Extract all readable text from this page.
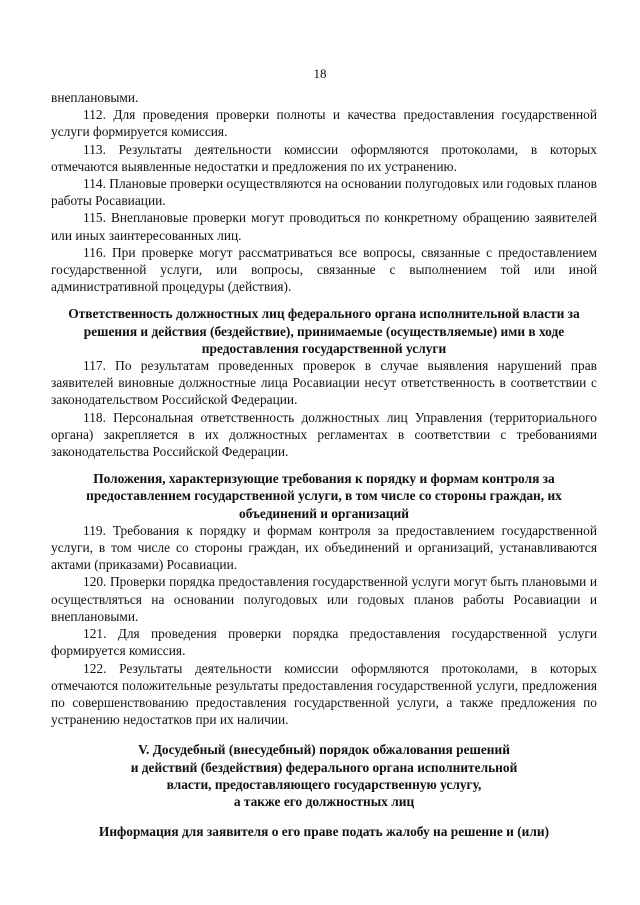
18

внеплановыми.

112. Для проведения проверки полноты и качества предоставления государственной услуги формируется комиссия.

113. Результаты деятельности комиссии оформляются протоколами, в которых отмечаются выявленные недостатки и предложения по их устранению.

114. Плановые проверки осуществляются на основании полугодовых или годовых планов работы Росавиации.

115. Внеплановые проверки могут проводиться по конкретному обращению заявителей или иных заинтересованных лиц.

116. При проверке могут рассматриваться все вопросы, связанные с предоставлением государственной услуги, или вопросы, связанные с выполнением той или иной административной процедуры (действия).

Ответственность должностных лиц федерального органа исполнительной власти за решения и действия (бездействие), принимаемые (осуществляемые) ими в ходе предоставления государственной услуги

117. По результатам проведенных проверок в случае выявления нарушений прав заявителей виновные должностные лица Росавиации несут ответственность в соответствии с законодательством Российской Федерации.

118. Персональная ответственность должностных лиц Управления (территориального органа) закрепляется в их должностных регламентах в соответствии с требованиями законодательства Российской Федерации.

Положения, характеризующие требования к порядку и формам контроля за предоставлением государственной услуги, в том числе со стороны граждан, их объединений и организаций

119. Требования к порядку и формам контроля за предоставлением государственной услуги, в том числе со стороны граждан, их объединений и организаций, устанавливаются актами (приказами) Росавиации.

120. Проверки порядка предоставления государственной услуги могут быть плановыми и осуществляться на основании полугодовых или годовых планов работы Росавиации и внеплановыми.

121. Для проведения проверки порядка предоставления государственной услуги формируется комиссия.

122. Результаты деятельности комиссии оформляются протоколами, в которых отмечаются положительные результаты предоставления государственной услуги, предложения по совершенствованию предоставления государственной услуги, а также предложения по устранению недостатков при их наличии.

V. Досудебный (внесудебный) порядок обжалования решений
и действий (бездействия) федерального органа исполнительной
власти, предоставляющего государственную услугу,
а также его должностных лиц
Информация для заявителя о его праве подать жалобу на решение и (или)
